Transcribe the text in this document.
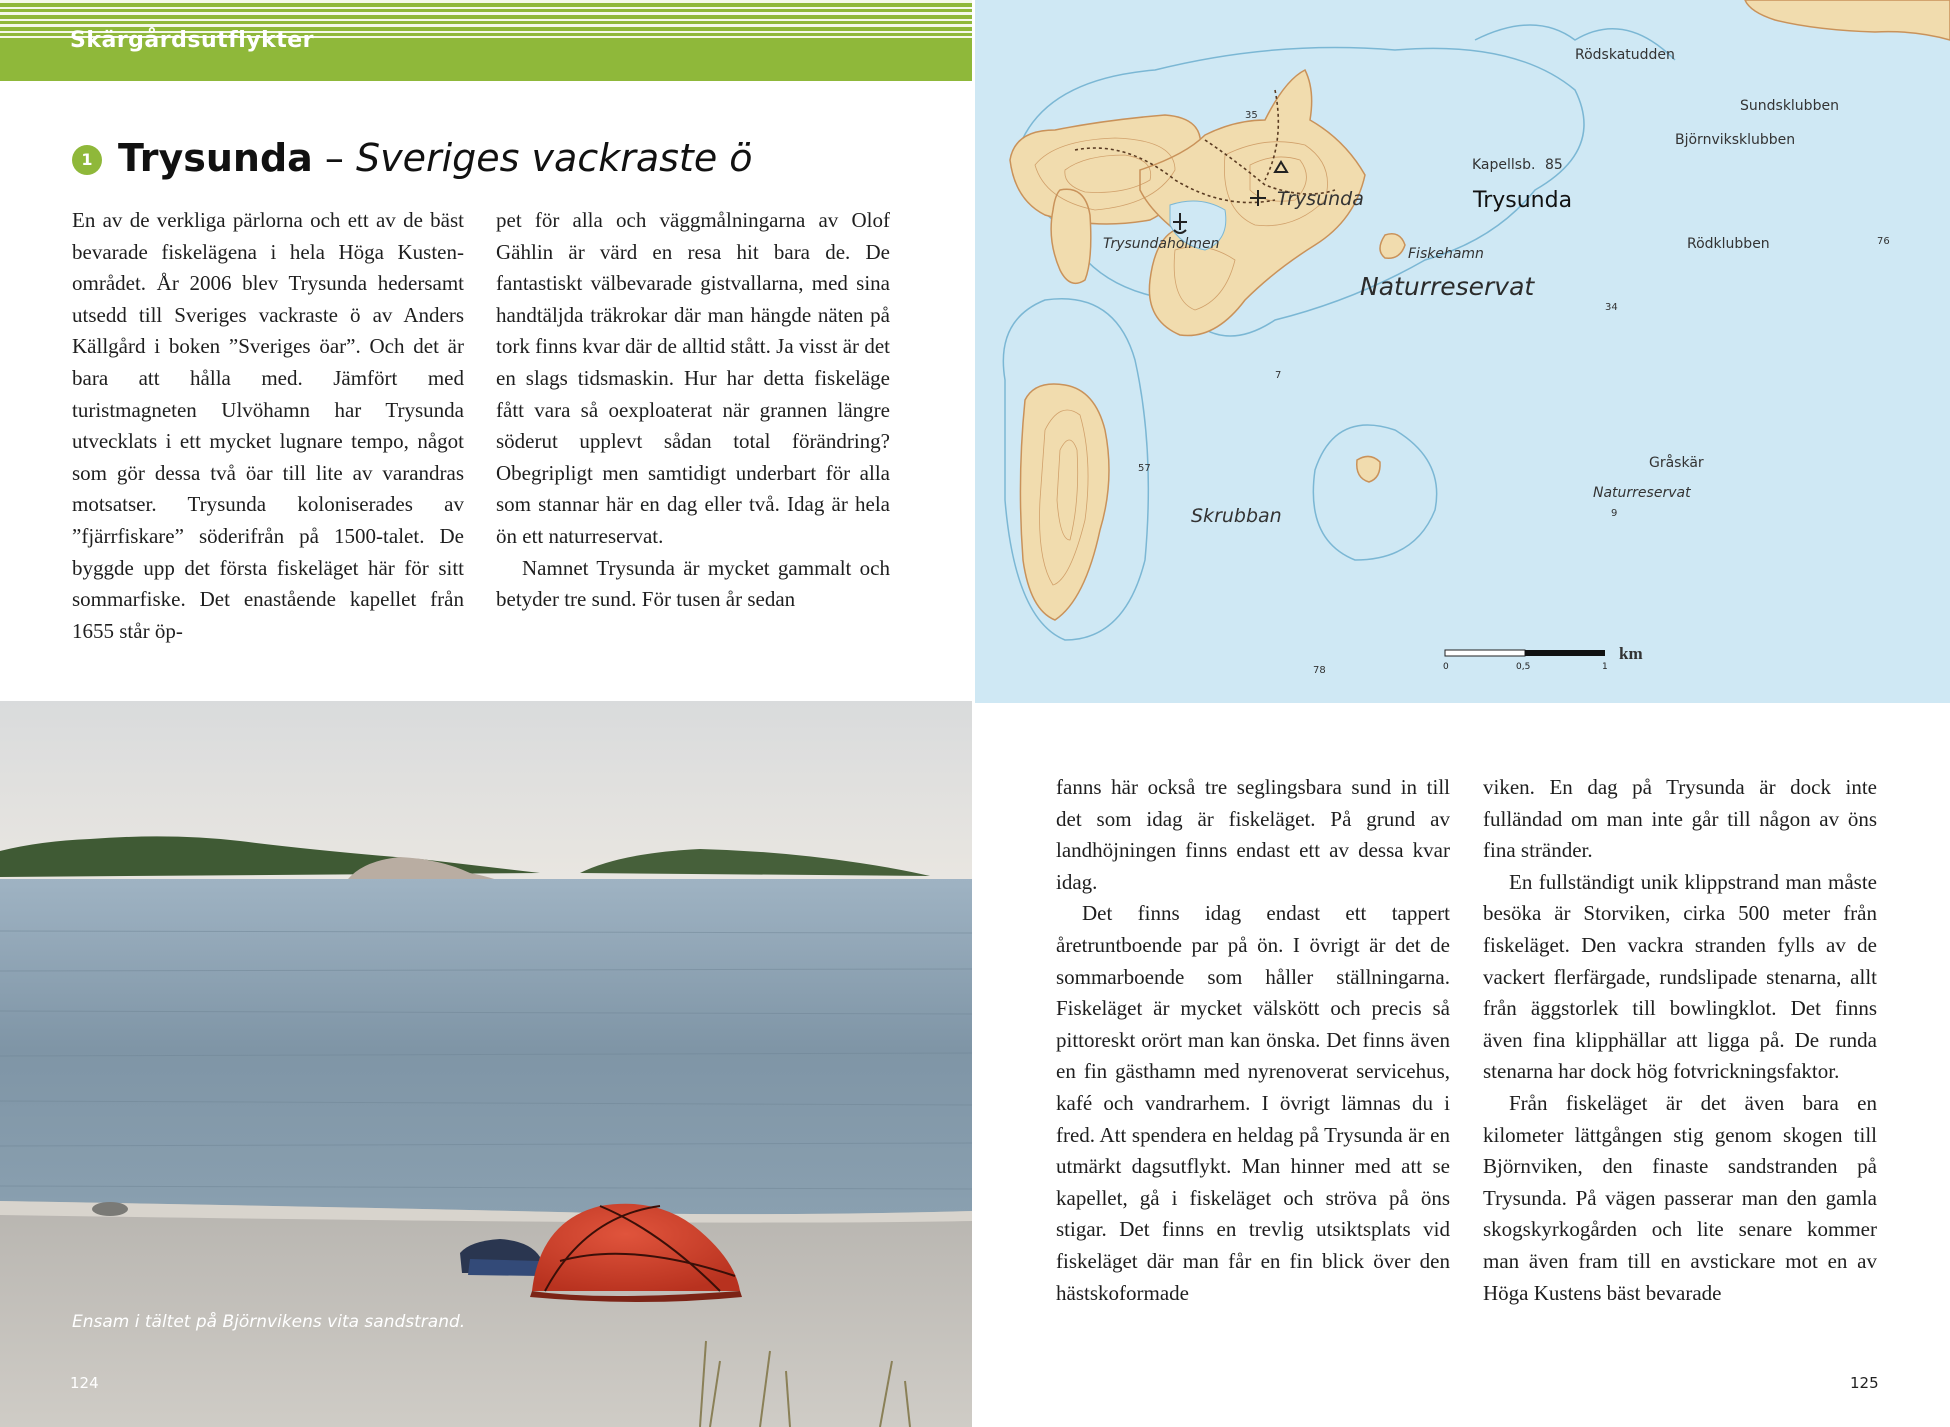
Skärgårdsutflykter
1 Trysunda – Sveriges vackraste ö

En av de verkliga pärlorna och ett av de bäst bevarade fiskelägena i hela Höga Kusten-området. År 2006 blev Trysunda hedersamt utsedd till Sveriges vackraste ö av Anders Källgård i boken ”Sveriges öar”. Och det är bara att hålla med. Jämfört med turistmagneten Ulvöhamn har Trysunda utvecklats i ett mycket lugnare tempo, något som gör dessa två öar till lite av varandras motsatser. Trysunda koloniserades av ”fjärrfiskare” söderifrån på 1500-talet. De byggde upp det första fiskeläget här för sitt sommarfiske. Det enastående kapellet från 1655 står öp-

pet för alla och väggmålningarna av Olof Gählin är värd en resa hit bara de. De fantastiskt välbevarade gistvallarna, med sina handtäljda träkrokar där man hängde näten på tork finns kvar där de alltid stått. Ja visst är det en slags tidsmaskin. Hur har detta fiskeläge fått vara så oexploaterat när grannen längre söderut upplevt sådan total förändring? Obegripligt men samtidigt underbart för alla som stannar här en dag eller två. Idag är hela ön ett naturreservat.

Namnet Trysunda är mycket gammalt och betyder tre sund. För tusen år sedan

Ensam i tältet på Björnvikens vita sandstrand.
124
Rödskatudden
Sundsklubben
Björnviksklubben
Kapellsb. 85
Trysunda	Trysunda
Trysundaholmen	Rödklubben
Fiskehamn
Naturreservat
Skrubban
Gråskär
Naturreservat
35
76
34
7
57
9
78	0	0,5	1
km

fanns här också tre seglingsbara sund in till det som idag är fiskeläget. På grund av landhöjningen finns endast ett av dessa kvar idag.

Det finns idag endast ett tappert åretruntboende par på ön. I övrigt är det de sommarboende som håller ställningarna. Fiskeläget är mycket välskött och precis så pittoreskt orört man kan önska. Det finns även en fin gästhamn med nyrenoverat servicehus, kafé och vandrarhem. I övrigt lämnas du i fred. Att spendera en heldag på Trysunda är en utmärkt dagsutflykt. Man hinner med att se kapellet, gå i fiskeläget och ströva på öns stigar. Det finns en trevlig utsiktsplats vid fiskeläget där man får en fin blick över den hästskoformade

viken. En dag på Trysunda är dock inte fulländad om man inte går till någon av öns fina stränder.

En fullständigt unik klippstrand man måste besöka är Storviken, cirka 500 meter från fiskeläget. Den vackra stranden fylls av de vackert flerfärgade, rundslipade stenarna, allt från äggstorlek till bowlingklot. Det finns även fina klipphällar att ligga på. De runda stenarna har dock hög fotvrickningsfaktor.

Från fiskeläget är det även bara en kilometer lättgången stig genom skogen till Björnviken, den finaste sandstranden på Trysunda. På vägen passerar man den gamla skogskyrkogården och lite senare kommer man även fram till en avstickare mot en av Höga Kustens bäst bevarade

125
